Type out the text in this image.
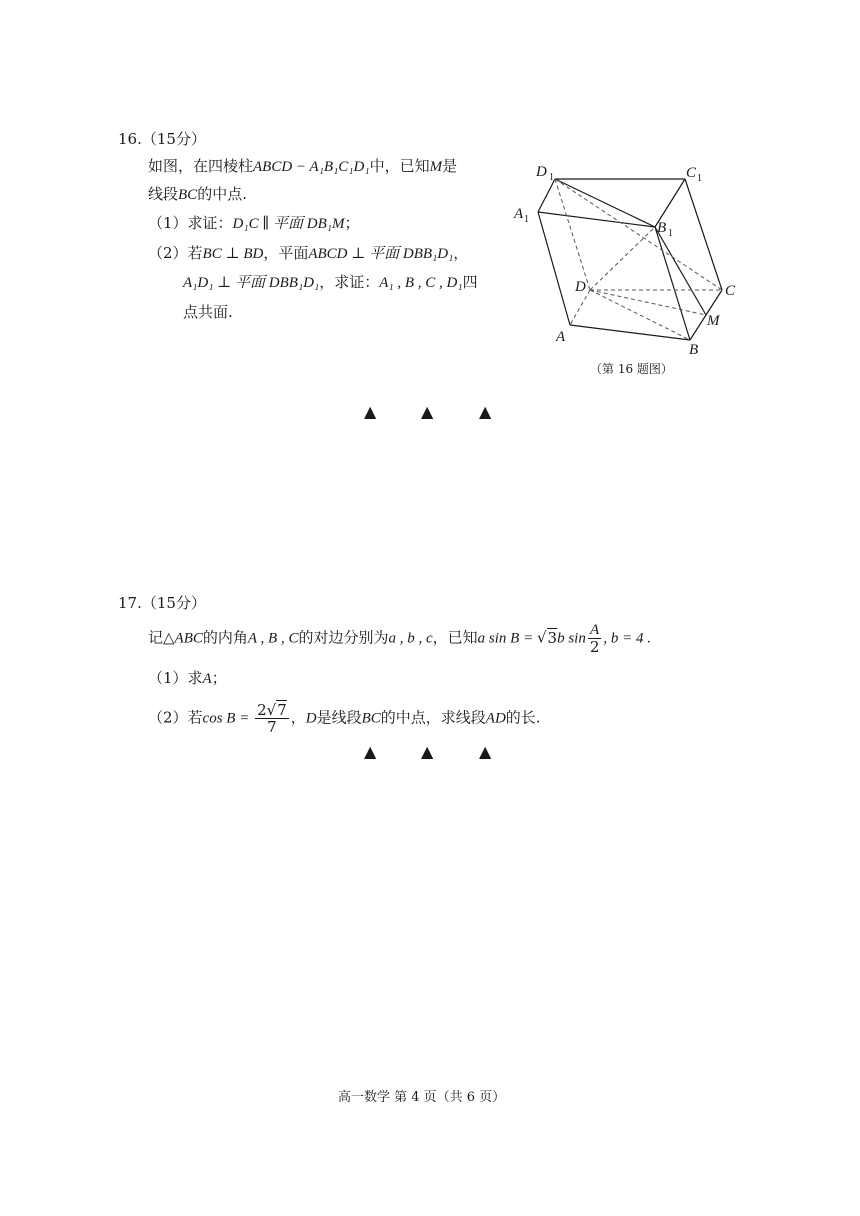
16.（15分）
如图，在四棱柱ABCD − A₁B₁C₁D₁中，已知M是
线段BC的中点.
（1）求证：D₁C ∥ 平面 DB₁M；
（2）若BC ⊥ BD，平面ABCD ⊥ 平面 DBB₁D₁，
A₁D₁ ⊥ 平面 DBB₁D₁，求证：A₁ , B , C , D₁四
点共面.
D 1	C 1
A 1
B 1
D	C
M
A
B
（第 16 题图）
▲	▲	▲
17.（15分）
记△ABC的内角A , B , C的对边分别为a , b , c，已知a sin B = √3b $\sin \frac{A}{2}$ , b = 4 .
（1）求A；
（2）若$\cos B = \frac{2√7}{7}$ ，D是线段BC的中点，求线段AD的长.
▲	▲	▲
高一数学 第 4 页（共 6 页）
